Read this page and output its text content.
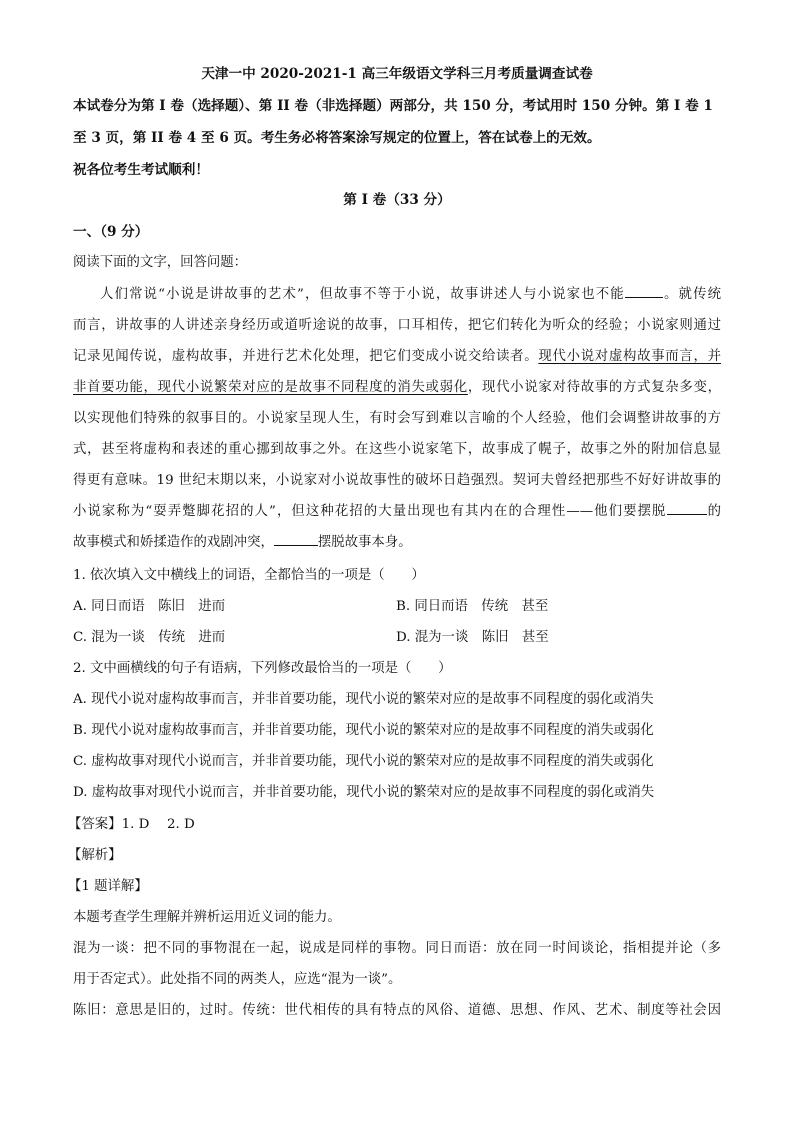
天津一中 2020-2021-1 高三年级语文学科三月考质量调查试卷
本试卷分为第 I 卷（选择题）、第 II 卷（非选择题）两部分，共 150 分，考试用时 150 分钟。第 I 卷 1
至 3 页，第 II 卷 4 至 6 页。考生务必将答案涂写规定的位置上，答在试卷上的无效。
祝各位考生考试顺利！
第 I 卷（33 分）
一、（9 分）
阅读下面的文字，回答问题：
人们常说“小说是讲故事的艺术”，但故事不等于小说，故事讲述人与小说家也不能	。就传统
而言，讲故事的人讲述亲身经历或道听途说的故事，口耳相传，把它们转化为听众的经验；小说家则通过
记录见闻传说，虚构故事，并进行艺术化处理，把它们变成小说交给读者。现代小说对虚构故事而言，并
非首要功能，现代小说繁荣对应的是故事不同程度的消失或弱化，现代小说家对待故事的方式复杂多变，
以实现他们特殊的叙事目的。小说家呈现人生，有时会写到难以言喻的个人经验，他们会调整讲故事的方
式，甚至将虚构和表述的重心挪到故事之外。在这些小说家笔下，故事成了幌子，故事之外的附加信息显
得更有意味。19 世纪末期以来，小说家对小说故事性的破坏日趋强烈。契诃夫曾经把那些不好好讲故事的
小说家称为“耍弄蹩脚花招的人”，但这种花招的大量出现也有其内在的合理性——他们要摆脱	的
故事模式和娇揉造作的戏剧冲突，	摆脱故事本身。
1. 依次填入文中横线上的词语，全都恰当的一项是（　　）
A. 同日而语　陈旧　进而	B. 同日而语　传统　甚至
C. 混为一谈　传统　进而	D. 混为一谈　陈旧　甚至
2. 文中画横线的句子有语病，下列修改最恰当的一项是（　　）
A. 现代小说对虚构故事而言，并非首要功能，现代小说的繁荣对应的是故事不同程度的弱化或消失
B. 现代小说对虚构故事而言，并非首要功能，现代小说的繁荣对应的是故事不同程度的消失或弱化
C. 虚构故事对现代小说而言，并非首要功能，现代小说的繁荣对应的是故事不同程度的消失或弱化
D. 虚构故事对现代小说而言，并非首要功能，现代小说的繁荣对应的是故事不同程度的弱化或消失
【答案】1. D　 2. D
【解析】
【1 题详解】
本题考查学生理解并辨析运用近义词的能力。
混为一谈：把不同的事物混在一起，说成是同样的事物。同日而语：放在同一时间谈论，指相提并论（多
用于否定式）。此处指不同的两类人，应选“混为一谈”。
陈旧：意思是旧的，过时。传统：世代相传的具有特点的风俗、道德、思想、作风、艺术、制度等社会因
